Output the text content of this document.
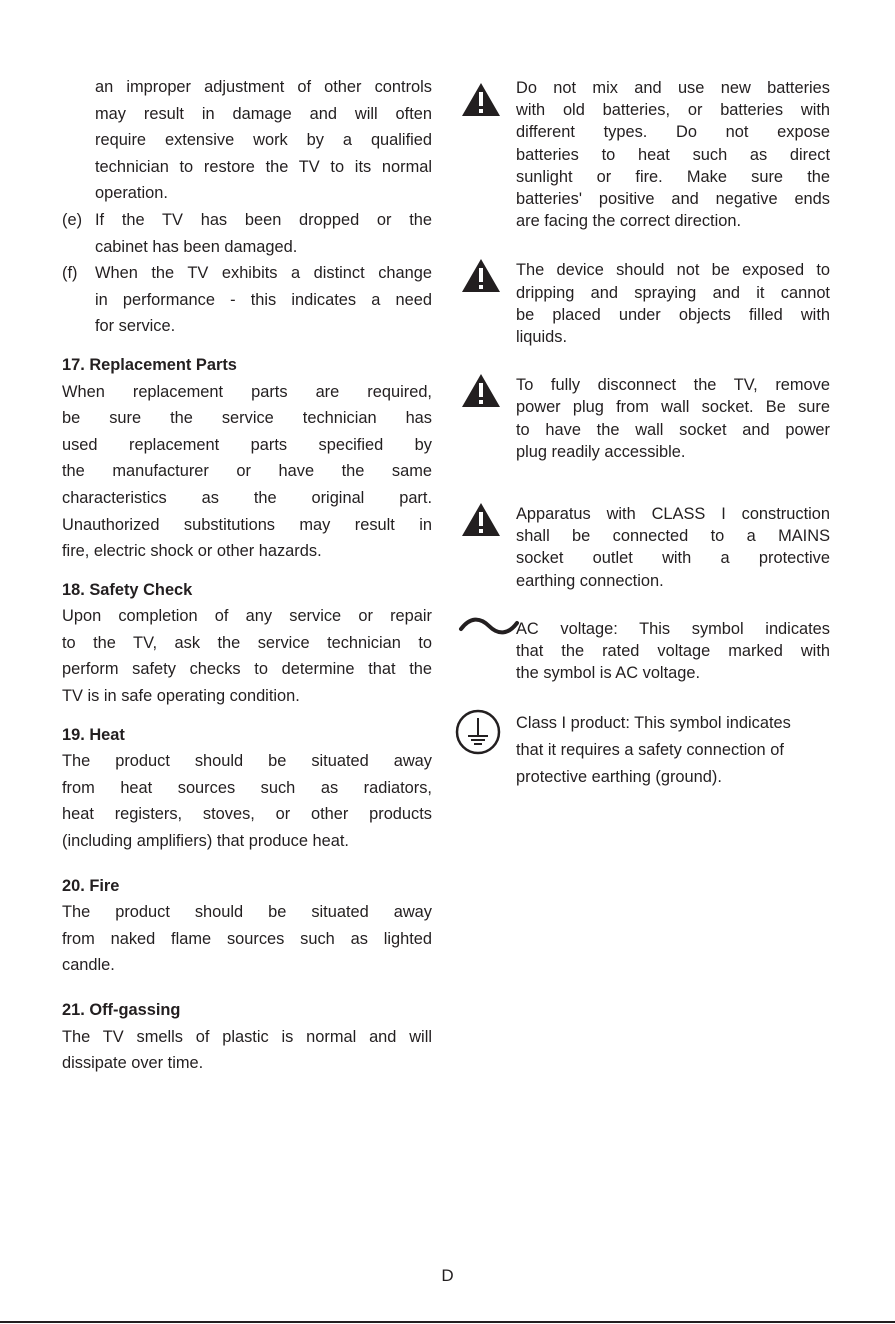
an improper adjustment of other controls
may result in damage and will often
require extensive work by a qualified
technician to restore the TV to its normal
operation.
(e) If the TV has been dropped or the
cabinet has been damaged.
(f) When the TV exhibits a distinct change
in performance - this indicates a need
for service.
17. Replacement Parts
When replacement parts are required,
be sure the service technician has
used replacement parts specified by
the manufacturer or have the same
characteristics as the original part.
Unauthorized substitutions may result in
fire, electric shock or other hazards.
18. Safety Check
Upon completion of any service or repair
to the TV, ask the service technician to
perform safety checks to determine that the
TV is in safe operating condition.
19. Heat
The product should be situated away
from heat sources such as radiators,
heat registers, stoves, or other products
(including amplifiers) that produce heat.
20. Fire
The product should be situated away
from naked flame sources such as lighted
candle.
21. Off-gassing
The TV smells of plastic is normal and will
dissipate over time.
Do not mix and use new batteries
with old batteries, or batteries with
different types. Do not expose
batteries to heat such as direct
sunlight or fire. Make sure the
batteries' positive and negative ends
are facing the correct direction.
The device should not be exposed to
dripping and spraying and it cannot
be placed under objects filled with
liquids.
To fully disconnect the TV, remove
power plug from wall socket. Be sure
to have the wall socket and power
plug readily accessible.
Apparatus with CLASS I construction
shall be connected to a MAINS
socket outlet with a protective
earthing connection.
AC voltage: This symbol indicates
that the rated voltage marked with
the symbol is AC voltage.
Class I product: This symbol indicates
that it requires a safety connection of
protective earthing (ground).
D
